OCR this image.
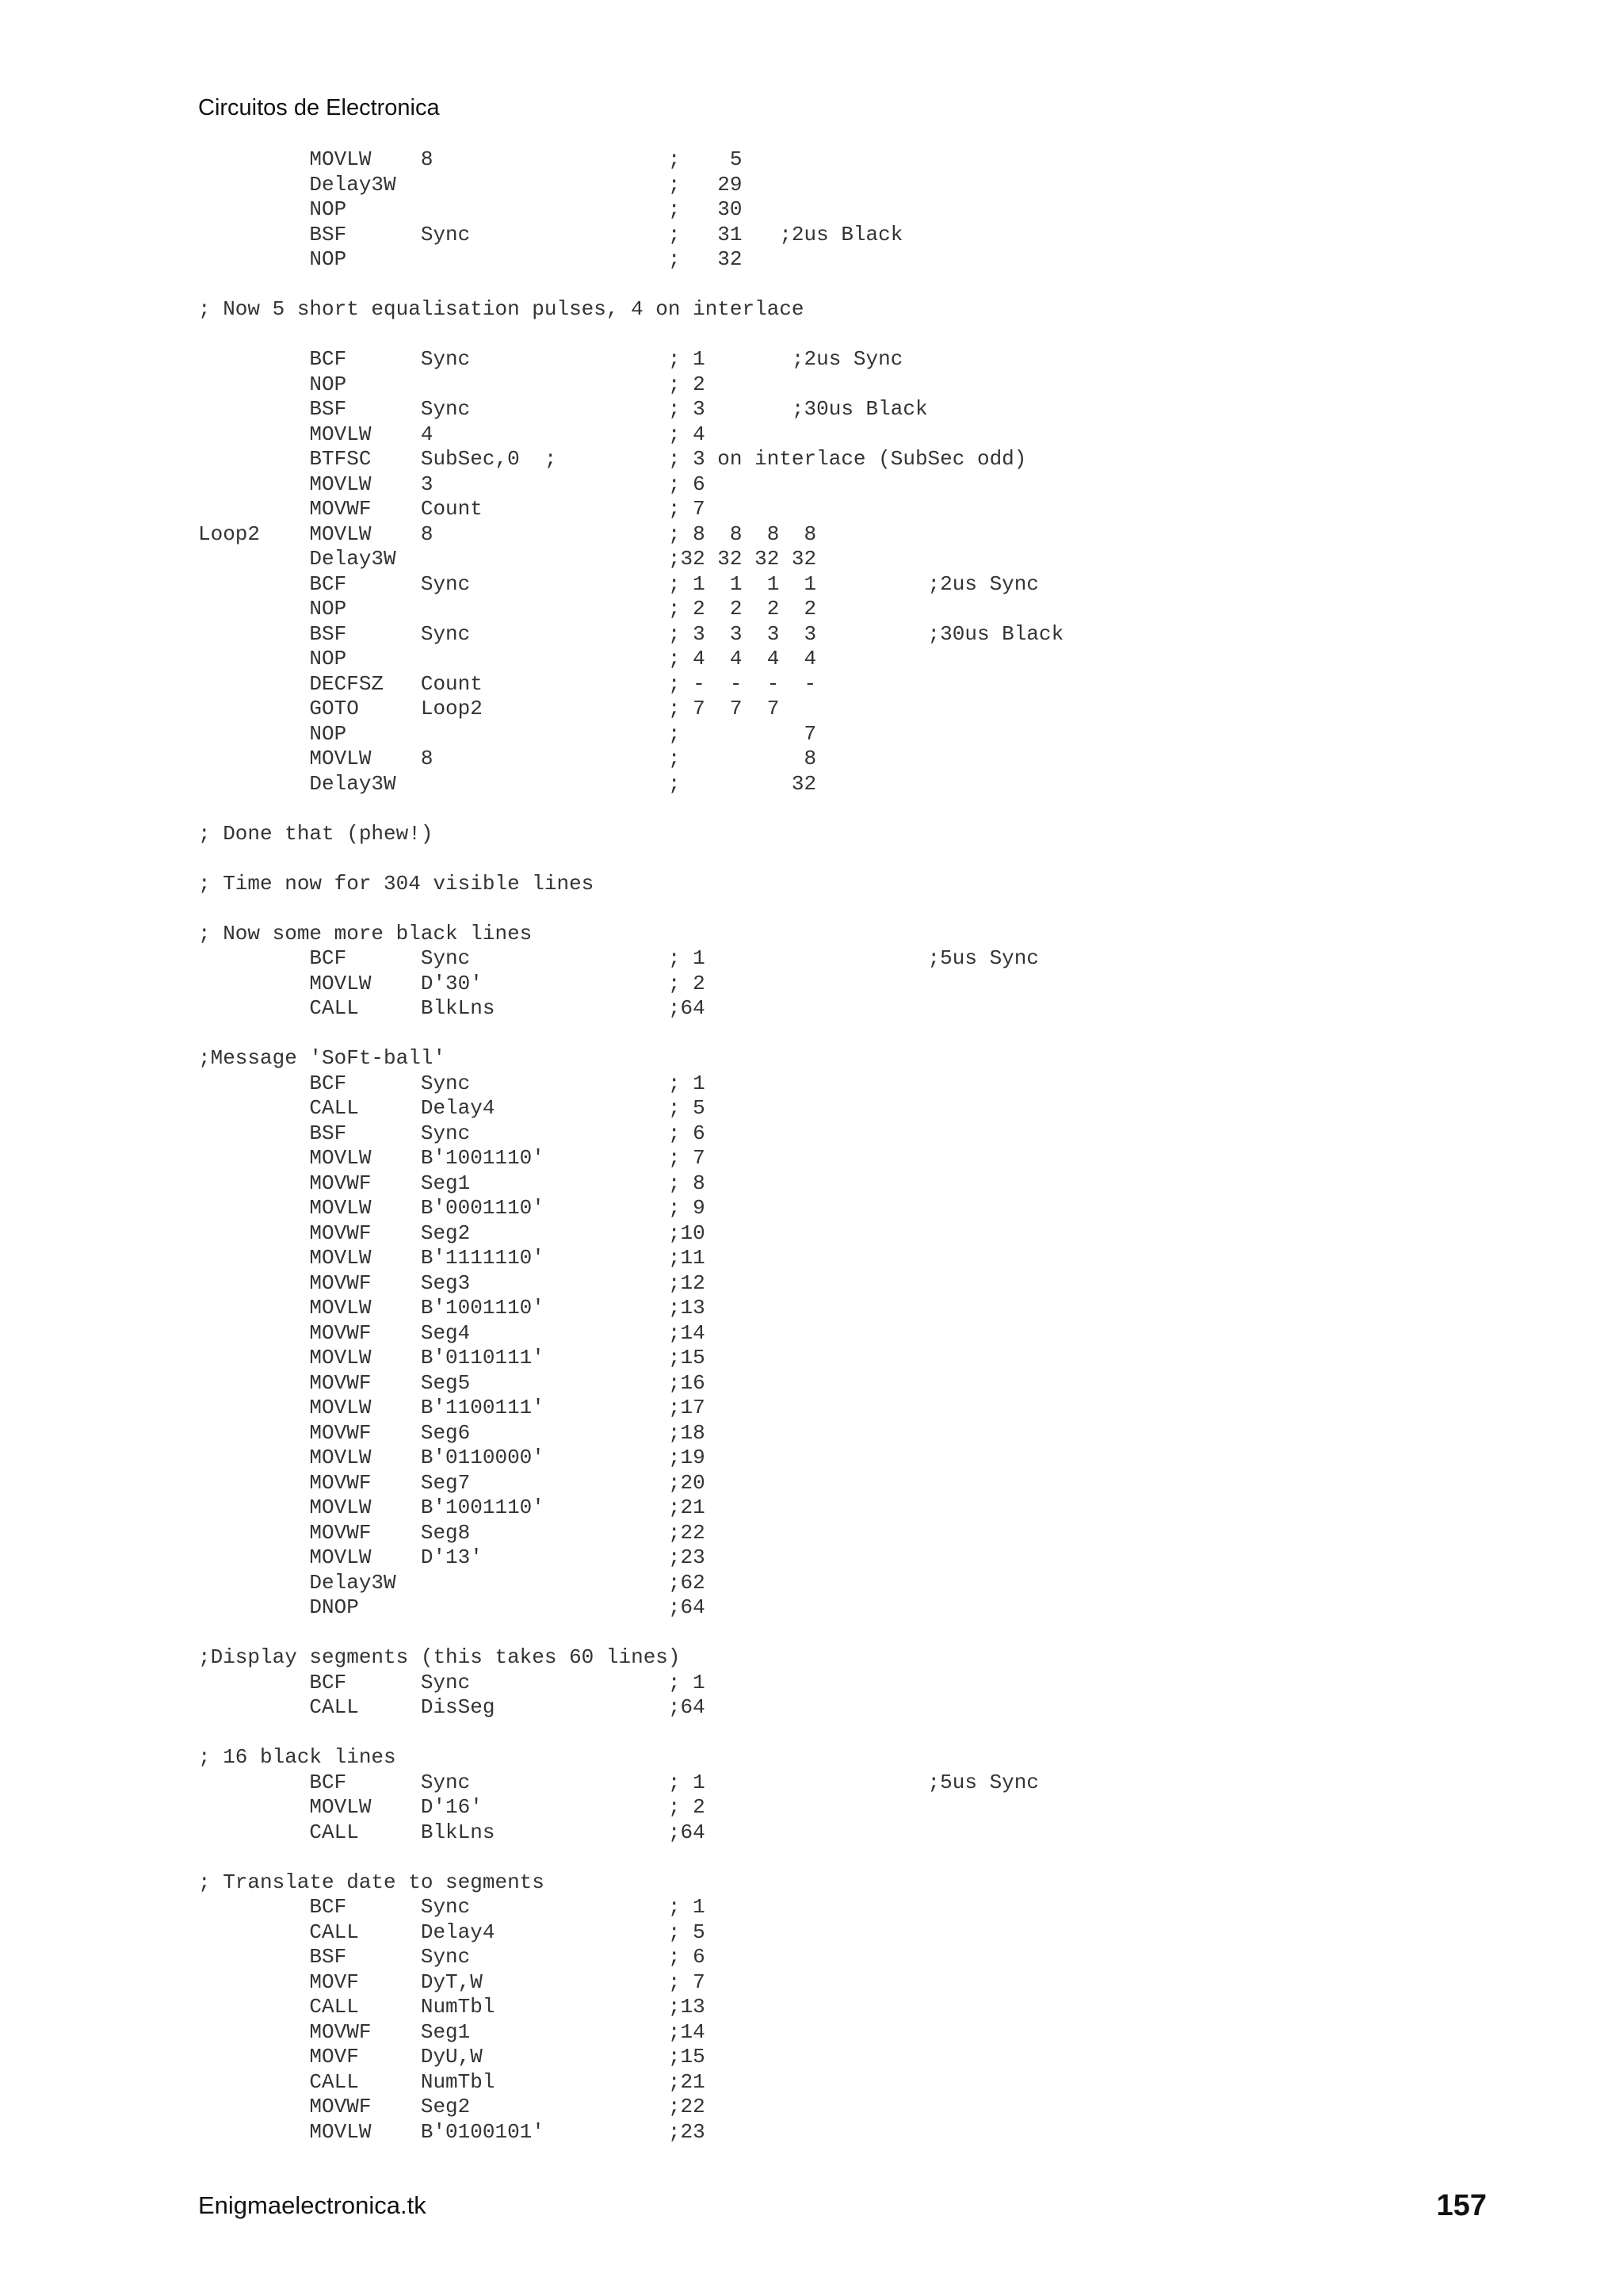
Circuitos de Electronica
MOVLW    8                   ;    5
Delay3W                      ;   29
NOP                          ;   30
BSF      Sync                ;   31   ;2us Black
NOP                          ;   32

; Now 5 short equalisation pulses, 4 on interlace

BCF      Sync                ; 1       ;2us Sync
NOP                          ; 2
BSF      Sync                ; 3       ;30us Black
MOVLW    4                   ; 4
BTFSC    SubSec,0  ;         ; 3 on interlace (SubSec odd)
MOVLW    3                   ; 6
MOVWF    Count               ; 7
Loop2    MOVLW    8                   ; 8  8  8  8
Delay3W                      ;32 32 32 32
BCF      Sync                ; 1  1  1  1         ;2us Sync
NOP                          ; 2  2  2  2
BSF      Sync                ; 3  3  3  3         ;30us Black
NOP                          ; 4  4  4  4
DECFSZ   Count               ; -  -  -  -
GOTO     Loop2               ; 7  7  7
NOP                          ;          7
MOVLW    8                   ;          8
Delay3W                      ;         32

; Done that (phew!)

; Time now for 304 visible lines

; Now some more black lines
BCF      Sync                ; 1                  ;5us Sync
MOVLW    D'30'               ; 2
CALL     BlkLns              ;64

;Message 'SoFt-ball'
BCF      Sync                ; 1
CALL     Delay4              ; 5
BSF      Sync                ; 6
MOVLW    B'1001110'          ; 7
MOVWF    Seg1                ; 8
MOVLW    B'0001110'          ; 9
MOVWF    Seg2                ;10
MOVLW    B'1111110'          ;11
MOVWF    Seg3                ;12
MOVLW    B'1001110'          ;13
MOVWF    Seg4                ;14
MOVLW    B'0110111'          ;15
MOVWF    Seg5                ;16
MOVLW    B'1100111'          ;17
MOVWF    Seg6                ;18
MOVLW    B'0110000'          ;19
MOVWF    Seg7                ;20
MOVLW    B'1001110'          ;21
MOVWF    Seg8                ;22
MOVLW    D'13'               ;23
Delay3W                      ;62
DNOP                         ;64

;Display segments (this takes 60 lines)
BCF      Sync                ; 1
CALL     DisSeg              ;64

; 16 black lines
BCF      Sync                ; 1                  ;5us Sync
MOVLW    D'16'               ; 2
CALL     BlkLns              ;64

; Translate date to segments
BCF      Sync                ; 1
CALL     Delay4              ; 5
BSF      Sync                ; 6
MOVF     DyT,W               ; 7
CALL     NumTbl              ;13
MOVWF    Seg1                ;14
MOVF     DyU,W               ;15
CALL     NumTbl              ;21
MOVWF    Seg2                ;22
MOVLW    B'0100101'          ;23
Enigmaelectronica.tk	157
